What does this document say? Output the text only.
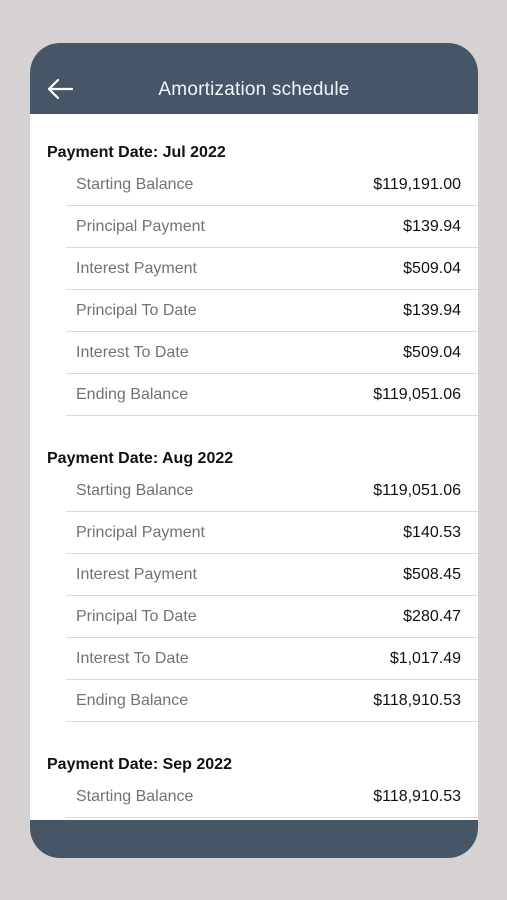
Amortization schedule
Payment Date: Jul 2022
Starting Balance	$119,191.00
Principal Payment	$139.94
Interest Payment	$509.04
Principal To Date	$139.94
Interest To Date	$509.04
Ending Balance	$119,051.06
Payment Date: Aug 2022
Starting Balance	$119,051.06
Principal Payment	$140.53
Interest Payment	$508.45
Principal To Date	$280.47
Interest To Date	$1,017.49
Ending Balance	$118,910.53
Payment Date: Sep 2022
Starting Balance	$118,910.53
